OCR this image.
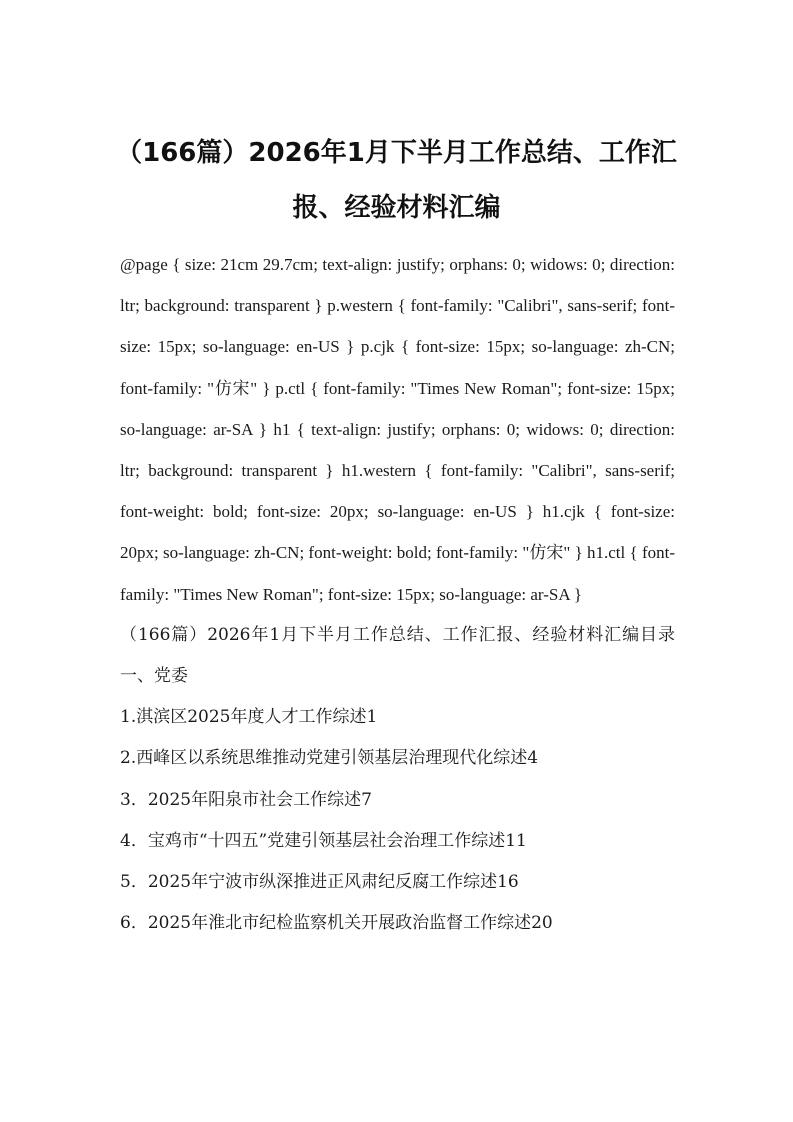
（166篇）2026年1月下半月工作总结、工作汇报、经验材料汇编

@page { size: 21cm 29.7cm; text-align: justify; orphans: 0; widows: 0; direction: ltr; background: transparent } p.western { font-family: "Calibri", sans-serif; font-size: 15px; so-language: en-US } p.cjk { font-size: 15px; so-language: zh-CN; font-family: "仿宋" } p.ctl { font-family: "Times New Roman"; font-size: 15px; so-language: ar-SA } h1 { text-align: justify; orphans: 0; widows: 0; direction: ltr; background: transparent } h1.western { font-family: "Calibri", sans-serif; font-weight: bold; font-size: 20px; so-language: en-US } h1.cjk { font-size: 20px; so-language: zh-CN; font-weight: bold; font-family: "仿宋" } h1.ctl { font-family: "Times New Roman"; font-size: 15px; so-language: ar-SA }

（166篇）2026年1月下半月工作总结、工作汇报、经验材料汇编目录一、党委

1.淇滨区2025年度人才工作综述1
2.西峰区以系统思维推动党建引领基层治理现代化综述4
3．2025年阳泉市社会工作综述7
4．宝鸡市“十四五”党建引领基层社会治理工作综述11
5．2025年宁波市纵深推进正风肃纪反腐工作综述16
6．2025年淮北市纪检监察机关开展政治监督工作综述20
